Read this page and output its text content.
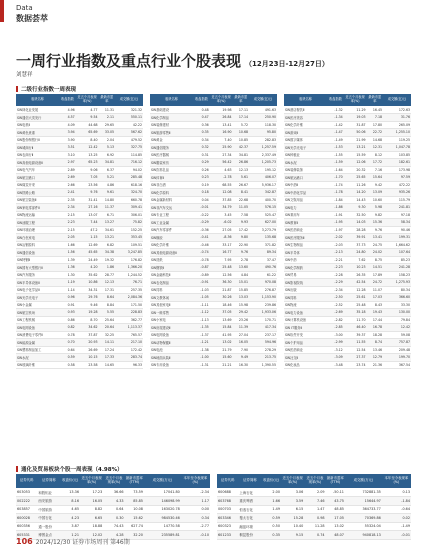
Data
数据荟萃
一周行业指数及重点行业个股表现 （12月23日-12月27日）
刘慧祥
二级行业指数一周表现
板块名称	收盘指数	近五个月表现率(%)	最新市盈率	成交额(亿元)
SW林化业发展	4.96	4.77	11.31	321.32
SW通信大类发行	4.57	9.54	2.11	550.11
SW电机Ⅱ	4.09	44.68	29.65	42.22
SW黄色贵重	3.94	65.69	33.05	567.62
SW股份制银行Ⅱ	3.90	8.40	2.04	479.52
SW城商行Ⅱ	3.51	12.42	5.13	327.75
SW农商行Ⅱ	3.10	13.25	6.92	114.85
SW高他电源设备Ⅱ	2.97	65.23	34.81	716.12
SW电气汽车	2.89	9.06	6.37	94.02
SW航空港口	2.69	7.05	5.21	285.48
SW煤炭开采	2.66	23.56	4.86	618.16
SW铁路公路	2.41	9.76	9.61	324.70
SW航空装备Ⅱ	2.35	31.41	14.80	660.78
SW家电零部件Ⅱ	2.34	27.16	11.37	309.41
SW物流运输	2.15	13.07	6.71	306.01
SW油服工程	2.23	7.44	13.27	75.82
SW环境治理	2.15	47.2	34.61	152.25
SW白色家电	2.05	1.15	13.21	353.45
SW冶钢原料	1.66	12.69	6.82	109.51
SW通信设备	1.56	45.65	34.38	3,247.85
SW特钢Ⅱ	1.39	24.49	19.32	176.82
SW国有大型银行Ⅱ	1.36	4.20	1.86	1,366.20
SW汽车服务	1.30	35.62	28.77	1,244.52
SW半导体设备Ⅱ	1.19	10.86	12.13	76.71
SW电子化学品Ⅱ	1.14	34.31	17.31	257.35
SW光学光电子	0.96	29.76	8.64	2,084.36
SW小金属	0.91	9.46	8.84	171.50
SW航空机场	0.93	19.28	5.55	228.83
SW工程机械	0.86	8.70	25.64	362.77
SW电网设备	0.82	34.62	20.64	1,113.37
SW消费电子零件Ⅱ	0.78	37.87	32.25	765.57
SW能源金属	0.70	20.93	14.11	217.10
SW塑料制品加工	0.64	26.69	17.24	172.42
SW水泥	0.59	10.15	17.33	283.74
SW玻璃纤维	0.58	23.58	14.65	96.33
板块名称	收盘指数	近五个月表现率(%)	最新市盈率	成交额(亿元)
SW基础建设	0.48	19.98	17.11	491.63
SW化学制品	0.47	26.84	17.14	250.90
SW装修建材	0.36	13.41	5.72	118.30
SW旅游零售Ⅱ	0.35	16.90	10.68	95.80
SW黄金	0.34	7.40	10.85	282.83
SW通信服务	0.32	25.90	42.37	1,257.59
SW医疗器械	0.31	27.34	34.81	2,337.49
SW服装家纺	0.29	56.42	26.86	1,205.73
SW饮料乳品	0.26	4.63	12.13	195.12
SW体育Ⅱ	0.23	-2.78	5.61	406.07
SW非白酒	0.19	68.55	26.67	5,936.17
SW化学原料	0.18	12.08	8.41	342.87
SW金属新材料	0.04	37.85	22.68	400.70
SW非汽车交运	-0.01	34.79	11.05	576.15
SW专业工程	-0.22	3.45	7.58	525.47
SW工业金属	-0.29	-6.02	9.93	627.00
SW汽车零部件	-0.36	27.05	17.42	3,273.79
SW橡胶	-0.41	-8.36	9.80	135.68
SW化学纤维	-0.46	33.17	22.90	371.82
SW其他电源设备Ⅱ	-0.74	16.77	9.76	89.34
SW造纸	-0.78	7.95	2.78	37.47
SW钢铁Ⅱ	-0.87	25.48	13.60	490.76
SW金融科技Ⅱ	-0.89	12.56	4.84	61.22
SW农化制品	-0.91	36.30	15.01	970.08
SW饲料	-1.03	21.87	15.85	276.87
SW文教休闲	-1.05	30.26	13.03	1,153.90
SW其他家电Ⅱ	-1.11	18.46	15.98	239.86
SW一般零售	-1.12	37.05	29.42	1,933.06
SW小家电	-1.13	13.69	23.26	170.71
SW房屋建设Ⅱ	-1.35	15.84	11.39	417.34
SW电网设备	-1.37	41.95	27.04	237.17
SW动物保健Ⅱ	-1.21	13.02	16.05	594.96
SW电池	-1.38	21.79	7.90	278.29
SW地面兵装Ⅱ	-1.00	15.60	9.49	213.75
SW专用设备	-1.31	21.21	16.30	1,390.55
板块名称	收盘指数	近五个月表现率(%)	最新市盈率	成交额(亿元)
SW酒店餐饮Ⅱ	-1.32	11.29	16.45	172.63
SW医疗美容	-1.34	19.03	7.18	31.76
SW化学纤维	-1.42	31.87	17.80	265.09
SW游戏Ⅱ	-1.47	50.06	22.72	1,255.10
SW数字媒体	-1.49	21.99	14.68	119.25
SW光学光电子	-1.53	13.21	12.31	1,047.78
SW种植业	-1.55	15.59	8.12	103.85
SW水泥	-1.59	12.06	17.72	182.61
SW装修装饰	-1.64	20.32	7.16	173.98
SW航运港口	-1.70	25.65	15.64	97.59
SW中药Ⅱ	-1.74	11.26	9.42	472.22
SW中药化学品	-1.78	14.20	13.09	935.26
SW文娱用品	-1.84	14.43	10.60	115.79
SW电力	-1.86	9.30	5.98	241.81
SW乘用车	-1.91	32.50	9.82	97.18
SW教育Ⅱ	-1.95	14.03	15.36	58.34
SW医药商业	-1.97	28.28	9.76	90.46
SW医疗服务Ⅱ	-2.02	39.91	13.41	199.31
SW生物制品	-2.03	37.73	24.75	1,664.62
SW半导体	-2.13	24.80	24.02	107.64
SW中药	-2.21	7.62	8.75	85.23
SW化学制药	-2.23	10.23	14.51	241.28
SW贸易	-2.28	26.35	17.89	158.23
SW影视院线	-2.29	42.54	24.72	1,275.93
SW出版	-2.34	12.28	11.07	80.34
SW饲料	-2.50	25.61	17.03	366.60
SW物流	-2.52	25.48	8.43	33.30
SW电力设备	-2.69	35.18	19.43	130.00
SW计算机设备	-2.82	11.70	17.44	79.84
SW IT服务Ⅱ	-2.85	46.40	16.78	12.42
SW软件开发	-3.00	39.37	18.28	59.08
SW个护用品	-2.99	11.55	8.74	757.87
SW医药商业	-3.12	12.54	13.46	209.48
SW社交Ⅱ	-3.09	27.37	12.79	199.70
SW化妆品	-3.48	23.74	21.36	367.54
通化及贸易板块个股一周表现（4.98%）
证券代码	证券简称	收盘价(元)	近五个月表现率(%)	近五个月表现率(%)	最新市盈率(TTM)	成交额(万元)	本年至今表现率(%)
603053	和胜铝业	13.36	17.23	36.66	73.59	17041.80	-2.34
002222	西安旅游	8.16	16.05	4.33	85.85	146098.99	1.17
603857	中国旅游	4.65	8.82	0.64	10.08	163020.78	0.00
600028	中国石化	4.23	6.65	0.30	15.62	984530.46	0.34
600356	通一股份	3.87	18.88	74.43	627.74	14770.58	-2.77
605331	博图金点	1.21	12.02	4.28	32.20	235589.81	-0.10
证券代码	证券简称	收盘价(元)	近五个月表现率(%)	近五个月表现率(%)	最新市盈率(TTM)	成交额(万元)	本年至今表现率(%)
600688	上海石化	2.00	3.06	2.09	-50.11	732881.35	0.13
603768	重庆啤酒	1.66	3.59	7.46	43.75	15644.97	-1.84
000703	恒逸石化	1.49	6.15	1.47	48.85	364733.77	-0.64
603346	搜太石化	0.59	15.28	0.98	17.05	70369.86	0.02
600323	瀚蓝环境	0.50	10.40	11.28	13.02	55324.04	-1.49
601233	桐昆股份	0.35	9.15	0.74	48.07	940818.13	-0.01
106 2024/12/30 证券市场周刊 第46期
